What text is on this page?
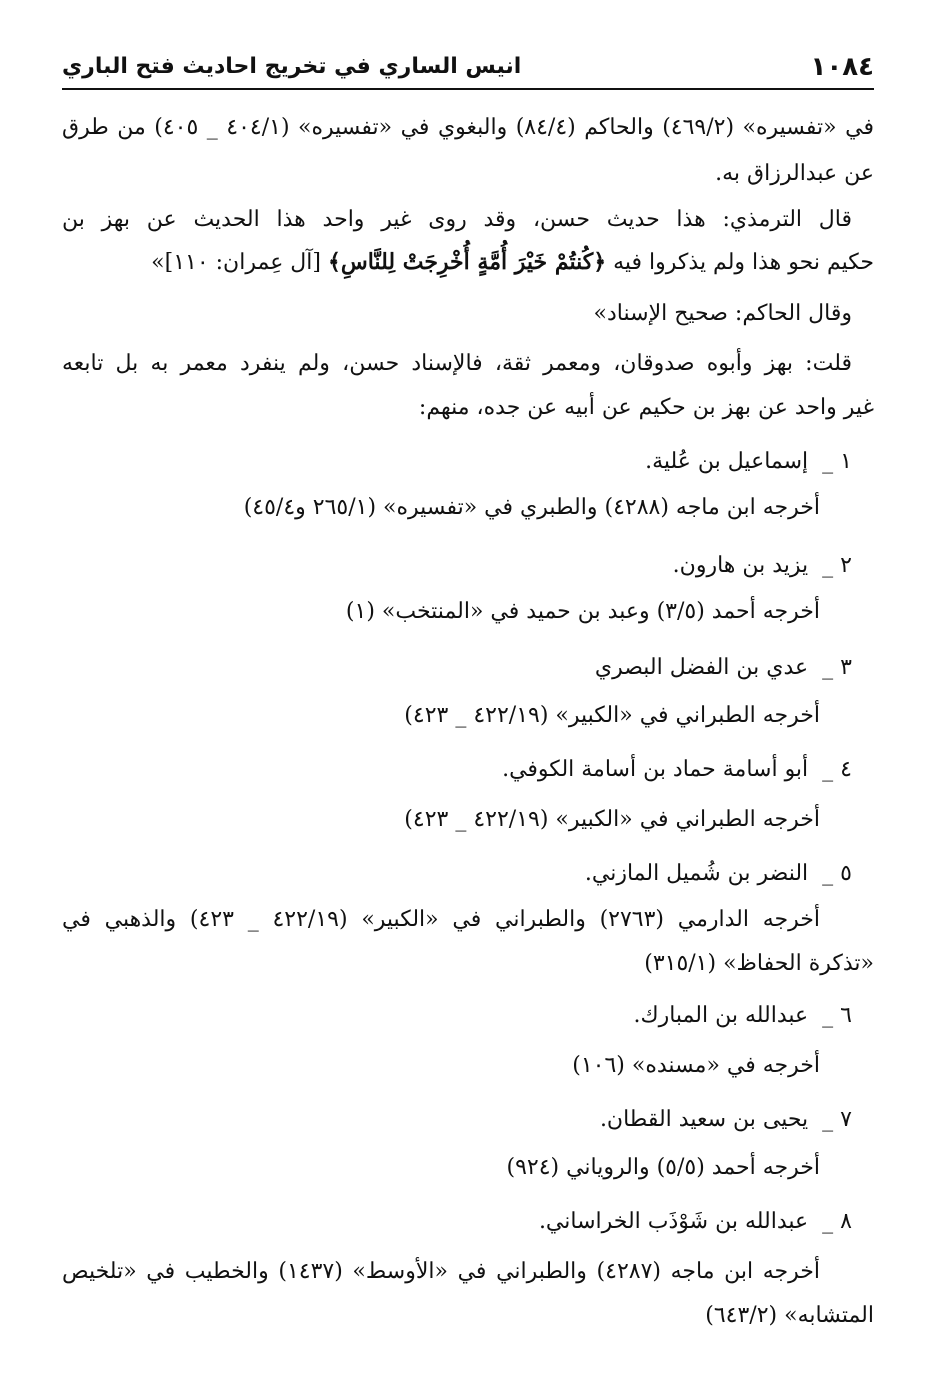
١٠٨٤
انيس الساري في تخريج احاديث فتح الباري
في «تفسيره» (٤٦٩/٢) والحاكم (٨٤/٤) والبغوي في «تفسيره» (٤٠٤/١ _ ٤٠٥) من طرق
عن عبدالرزاق به.
قال الترمذي: هذا حديث حسن، وقد روى غير واحد هذا الحديث عن بهز بن
حكيم نحو هذا ولم يذكروا فيه ﴿كُنتُمْ خَيْرَ أُمَّةٍ أُخْرِجَتْ لِلنَّاسِ﴾ [آل عِمران: ١١٠]»
وقال الحاكم: صحيح الإسناد»
قلت: بهز وأبوه صدوقان، ومعمر ثقة، فالإسناد حسن، ولم ينفرد معمر به بل تابعه
غير واحد عن بهز بن حكيم عن أبيه عن جده، منهم:
١ _إسماعيل بن عُلية.
أخرجه ابن ماجه (٤٢٨٨) والطبري في «تفسيره» (٢٦٥/١ و٤٥/٤)
٢ _يزيد بن هارون.
أخرجه أحمد (٣/٥) وعبد بن حميد في «المنتخب» (١)
٣ _عدي بن الفضل البصري
أخرجه الطبراني في «الكبير» (٤٢٢/١٩ _ ٤٢٣)
٤ _أبو أسامة حماد بن أسامة الكوفي.
أخرجه الطبراني في «الكبير» (٤٢٢/١٩ _ ٤٢٣)
٥ _النضر بن شُميل المازني.
أخرجه الدارمي (٢٧٦٣) والطبراني في «الكبير» (٤٢٢/١٩ _ ٤٢٣) والذهبي في
«تذكرة الحفاظ» (٣١٥/١)
٦ _عبدالله بن المبارك.
أخرجه في «مسنده» (١٠٦)
٧ _يحيى بن سعيد القطان.
أخرجه أحمد (٥/٥) والروياني (٩٢٤)
٨ _عبدالله بن شَوْذَب الخراساني.
أخرجه ابن ماجه (٤٢٨٧) والطبراني في «الأوسط» (١٤٣٧) والخطيب في «تلخيص
المتشابه» (٦٤٣/٢)
